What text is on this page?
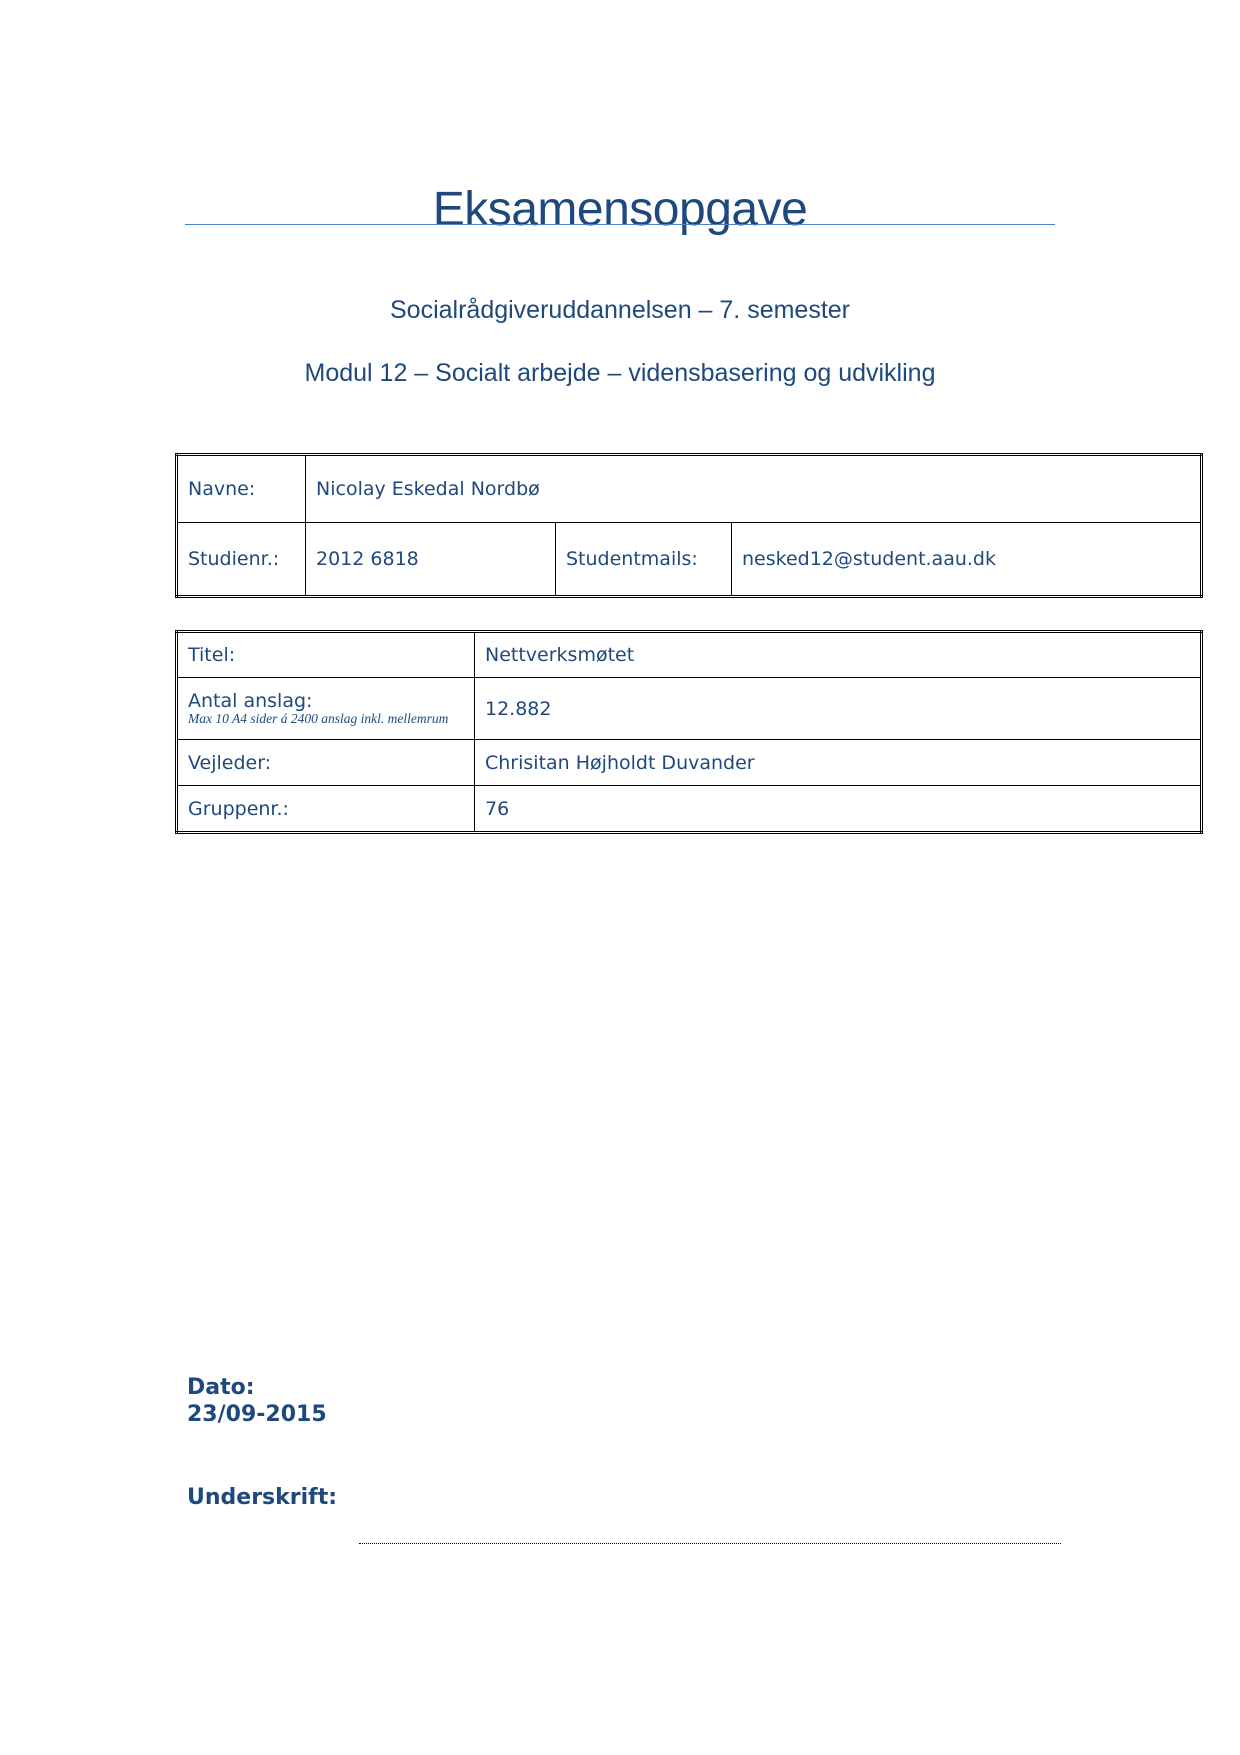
Eksamensopgave
Socialrådgiveruddannelsen – 7. semester
Modul 12 – Socialt arbejde – vidensbasering og udvikling
Navne:	Nicolay Eskedal Nordbø		
Studienr.:	2012 6818	Studentmails:	nesked12@student.aau.dk
Titel:	Nettverksmøtet

Antal anslag:
Max 10 A4 sider á 2400 anslag inkl. mellemrum	12.882
Vejleder:	Chrisitan Højholdt Duvander
Gruppenr.:	76
Dato:
23/09-2015
Underskrift:
